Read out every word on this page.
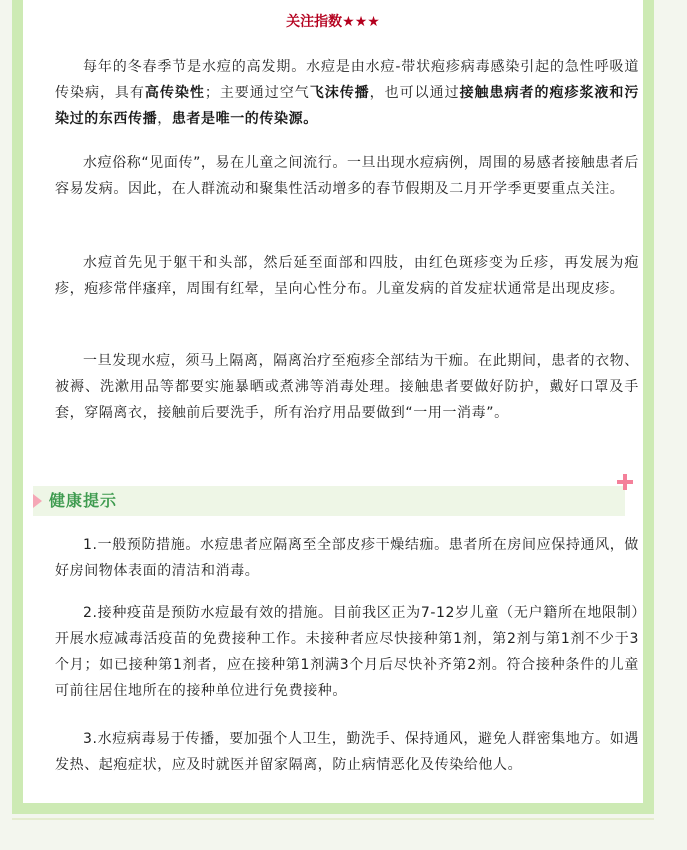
关注指数★★★

每年的冬春季节是水痘的高发期。水痘是由水痘-带状疱疹病毒感染引起的急性呼吸道传染病，具有高传染性；主要通过空气飞沫传播，也可以通过接触患病者的疱疹浆液和污染过的东西传播，患者是唯一的传染源。

水痘俗称“见面传”，易在儿童之间流行。一旦出现水痘病例，周围的易感者接触患者后容易发病。因此，在人群流动和聚集性活动增多的春节假期及二月开学季更要重点关注。

水痘首先见于躯干和头部，然后延至面部和四肢，由红色斑疹变为丘疹，再发展为疱疹，疱疹常伴瘙痒，周围有红晕，呈向心性分布。儿童发病的首发症状通常是出现皮疹。

一旦发现水痘，须马上隔离，隔离治疗至疱疹全部结为干痂。在此期间，患者的衣物、被褥、洗漱用品等都要实施暴晒或煮沸等消毒处理。接触患者要做好防护，戴好口罩及手套，穿隔离衣，接触前后要洗手，所有治疗用品要做到“一用一消毒”。

健康提示

1.一般预防措施。水痘患者应隔离至全部皮疹干燥结痂。患者所在房间应保持通风，做好房间物体表面的清洁和消毒。

2.接种疫苗是预防水痘最有效的措施。目前我区正为7-12岁儿童（无户籍所在地限制）开展水痘减毒活疫苗的免费接种工作。未接种者应尽快接种第1剂，第2剂与第1剂不少于3个月；如已接种第1剂者，应在接种第1剂满3个月后尽快补齐第2剂。符合接种条件的儿童可前往居住地所在的接种单位进行免费接种。

3.水痘病毒易于传播，要加强个人卫生，勤洗手、保持通风，避免人群密集地方。如遇发热、起疱症状，应及时就医并留家隔离，防止病情恶化及传染给他人。
